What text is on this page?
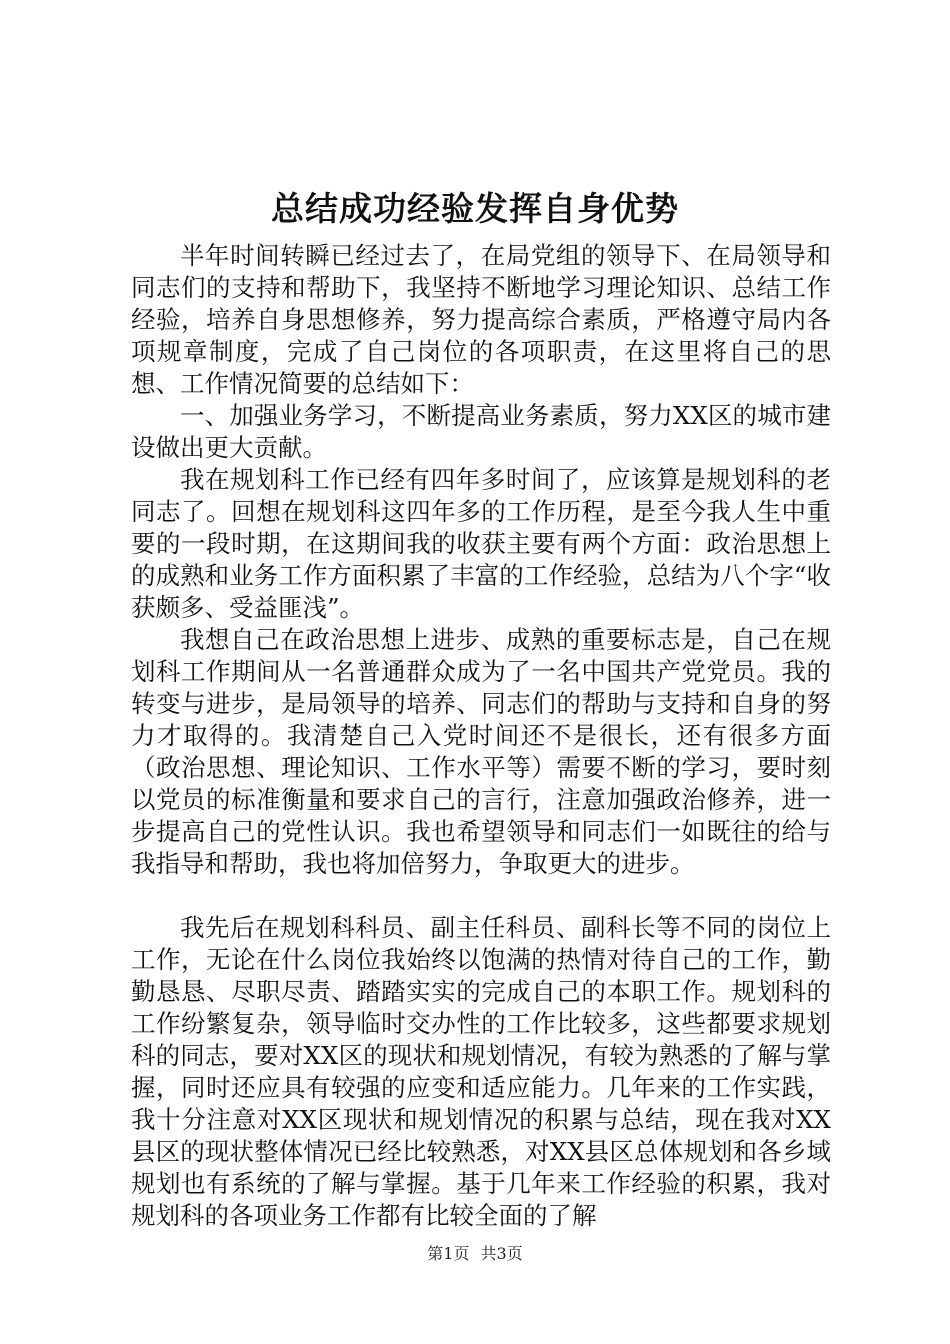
总结成功经验发挥自身优势

半年时间转瞬已经过去了，在局党组的领导下、在局领导和同志们的支持和帮助下，我坚持不断地学习理论知识、总结工作经验，培养自身思想修养，努力提高综合素质，严格遵守局内各项规章制度，完成了自己岗位的各项职责，在这里将自己的思想、工作情况简要的总结如下：

一、加强业务学习，不断提高业务素质，努力XX区的城市建设做出更大贡献。

我在规划科工作已经有四年多时间了，应该算是规划科的老同志了。回想在规划科这四年多的工作历程，是至今我人生中重要的一段时期，在这期间我的收获主要有两个方面：政治思想上的成熟和业务工作方面积累了丰富的工作经验，总结为八个字“收获颇多、受益匪浅”。

我想自己在政治思想上进步、成熟的重要标志是，自己在规划科工作期间从一名普通群众成为了一名中国共产党党员。我的转变与进步，是局领导的培养、同志们的帮助与支持和自身的努力才取得的。我清楚自己入党时间还不是很长，还有很多方面（政治思想、理论知识、工作水平等）需要不断的学习，要时刻以党员的标准衡量和要求自己的言行，注意加强政治修养，进一步提高自己的党性认识。我也希望领导和同志们一如既往的给与我指导和帮助，我也将加倍努力，争取更大的进步。

我先后在规划科科员、副主任科员、副科长等不同的岗位上工作，无论在什么岗位我始终以饱满的热情对待自己的工作，勤勤恳恳、尽职尽责、踏踏实实的完成自己的本职工作。规划科的工作纷繁复杂，领导临时交办性的工作比较多，这些都要求规划科的同志，要对XX区的现状和规划情况，有较为熟悉的了解与掌握，同时还应具有较强的应变和适应能力。几年来的工作实践，我十分注意对XX区现状和规划情况的积累与总结，现在我对XX县区的现状整体情况已经比较熟悉，对XX县区总体规划和各乡域规划也有系统的了解与掌握。基于几年来工作经验的积累，我对规划科的各项业务工作都有比较全面的了解

第1页 共3页
